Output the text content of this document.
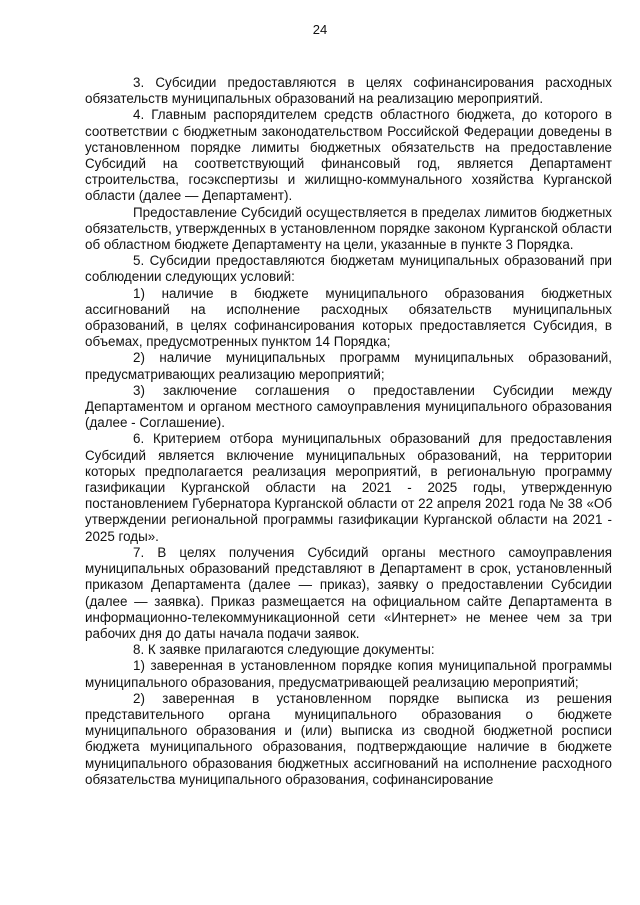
24

3. Субсидии предоставляются в целях софинансирования расходных обязательств муниципальных образований на реализацию мероприятий.

4. Главным распорядителем средств областного бюджета, до которого в соответствии с бюджетным законодательством Российской Федерации доведены в установленном порядке лимиты бюджетных обязательств на предоставление Субсидий на соответствующий финансовый год, является Департамент строительства, госэкспертизы и жилищно-коммунального хозяйства Курганской области (далее — Департамент).

Предоставление Субсидий осуществляется в пределах лимитов бюджетных обязательств, утвержденных в установленном порядке законом Курганской области об областном бюджете Департаменту на цели, указанные в пункте 3 Порядка.

5. Субсидии предоставляются бюджетам муниципальных образований при соблюдении следующих условий:

1) наличие в бюджете муниципального образования бюджетных ассигнований на исполнение расходных обязательств муниципальных образований, в целях софинансирования которых предоставляется Субсидия, в объемах, предусмотренных пунктом 14 Порядка;

2) наличие муниципальных программ муниципальных образований, предусматривающих реализацию мероприятий;

3) заключение соглашения о предоставлении Субсидии между Департаментом и органом местного самоуправления муниципального образования (далее - Соглашение).

6. Критерием отбора муниципальных образований для предоставления Субсидий является включение муниципальных образований, на территории которых предполагается реализация мероприятий, в региональную программу газификации Курганской области на 2021 - 2025 годы, утвержденную постановлением Губернатора Курганской области от 22 апреля 2021 года № 38 «Об утверждении региональной программы газификации Курганской области на 2021 - 2025 годы».

7. В целях получения Субсидий органы местного самоуправления муниципальных образований представляют в Департамент в срок, установленный приказом Департамента (далее — приказ), заявку о предоставлении Субсидии (далее — заявка). Приказ размещается на официальном сайте Департамента в информационно-телекоммуникационной сети «Интернет» не менее чем за три рабочих дня до даты начала подачи заявок.

8. К заявке прилагаются следующие документы:

1) заверенная в установленном порядке копия муниципальной программы муниципального образования, предусматривающей реализацию мероприятий;

2) заверенная в установленном порядке выписка из решения представительного органа муниципального образования о бюджете муниципального образования и (или) выписка из сводной бюджетной росписи бюджета муниципального образования, подтверждающие наличие в бюджете муниципального образования бюджетных ассигнований на исполнение расходного обязательства муниципального образования, софинансирование
